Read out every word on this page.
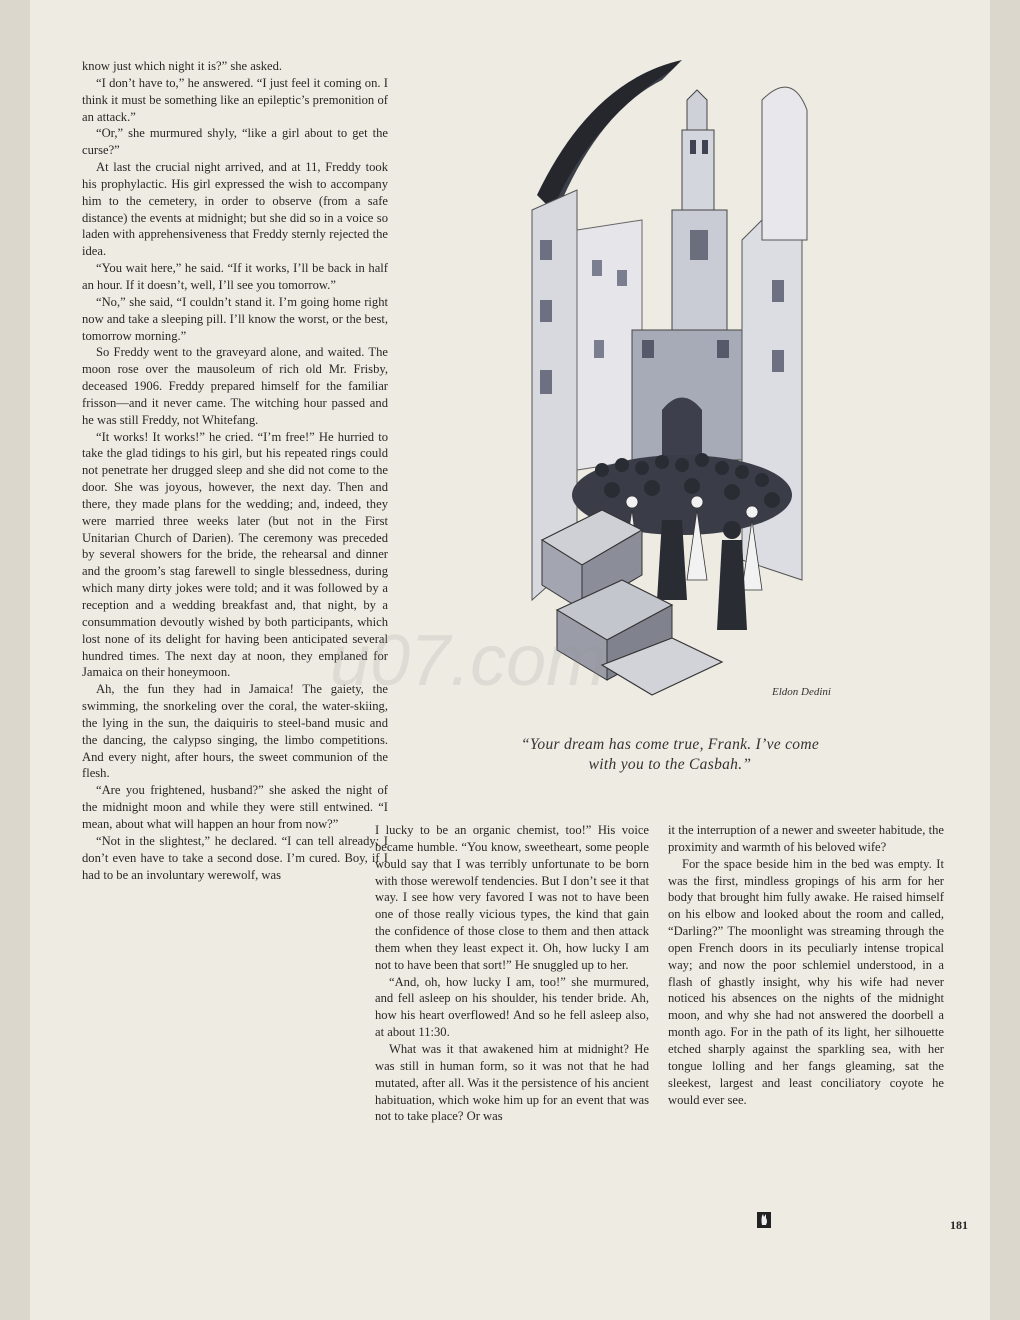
know just which night it is?” she asked.

“I don’t have to,” he answered. “I just feel it coming on. I think it must be something like an epileptic’s premonition of an attack.”

“Or,” she murmured shyly, “like a girl about to get the curse?”

At last the crucial night arrived, and at 11, Freddy took his prophylactic. His girl expressed the wish to accompany him to the cemetery, in order to observe (from a safe distance) the events at midnight; but she did so in a voice so laden with apprehensiveness that Freddy sternly rejected the idea.

“You wait here,” he said. “If it works, I’ll be back in half an hour. If it doesn’t, well, I’ll see you tomorrow.”

“No,” she said, “I couldn’t stand it. I’m going home right now and take a sleeping pill. I’ll know the worst, or the best, tomorrow morning.”

So Freddy went to the graveyard alone, and waited. The moon rose over the mausoleum of rich old Mr. Frisby, deceased 1906. Freddy prepared himself for the familiar frisson—and it never came. The witching hour passed and he was still Freddy, not Whitefang.

“It works! It works!” he cried. “I’m free!” He hurried to take the glad tidings to his girl, but his repeated rings could not penetrate her drugged sleep and she did not come to the door. She was joyous, however, the next day. Then and there, they made plans for the wedding; and, indeed, they were married three weeks later (but not in the First Unitarian Church of Darien). The ceremony was preceded by several showers for the bride, the rehearsal and dinner and the groom’s stag farewell to single blessedness, during which many dirty jokes were told; and it was followed by a reception and a wedding breakfast and, that night, by a consummation devoutly wished by both participants, which lost none of its delight for having been anticipated several hundred times. The next day at noon, they emplaned for Jamaica on their honeymoon.

Ah, the fun they had in Jamaica! The gaiety, the swimming, the snorkeling over the coral, the water-skiing, the lying in the sun, the daiquiris to steel-band music and the dancing, the calypso singing, the limbo competitions. And every night, after hours, the sweet communion of the flesh.

“Are you frightened, husband?” she asked the night of the midnight moon and while they were still entwined. “I mean, about what will happen an hour from now?”

“Not in the slightest,” he declared. “I can tell already: I don’t even have to take a second dose. I’m cured. Boy, if I had to be an involuntary werewolf, was

Eldon Dedini
“Your dream has come true, Frank. I’ve come
with you to the Casbah.”
u07.com

I lucky to be an organic chemist, too!” His voice became humble. “You know, sweetheart, some people would say that I was terribly unfortunate to be born with those werewolf tendencies. But I don’t see it that way. I see how very favored I was not to have been one of those really vicious types, the kind that gain the confidence of those close to them and then attack them when they least expect it. Oh, how lucky I am not to have been that sort!” He snuggled up to her.

“And, oh, how lucky I am, too!” she murmured, and fell asleep on his shoulder, his tender bride. Ah, how his heart overflowed! And so he fell asleep also, at about 11:30.

What was it that awakened him at midnight? He was still in human form, so it was not that he had mutated, after all. Was it the persistence of his ancient habituation, which woke him up for an event that was not to take place? Or was

it the interruption of a newer and sweeter habitude, the proximity and warmth of his beloved wife?

For the space beside him in the bed was empty. It was the first, mindless gropings of his arm for her body that brought him fully awake. He raised himself on his elbow and looked about the room and called, “Darling?” The moonlight was streaming through the open French doors in its peculiarly intense tropical way; and now the poor schlemiel understood, in a flash of ghastly insight, why his wife had never noticed his absences on the nights of the midnight moon, and why she had not answered the doorbell a month ago. For in the path of its light, her silhouette etched sharply against the sparkling sea, with her tongue lolling and her fangs gleaming, sat the sleekest, largest and least conciliatory coyote he would ever see.

181
